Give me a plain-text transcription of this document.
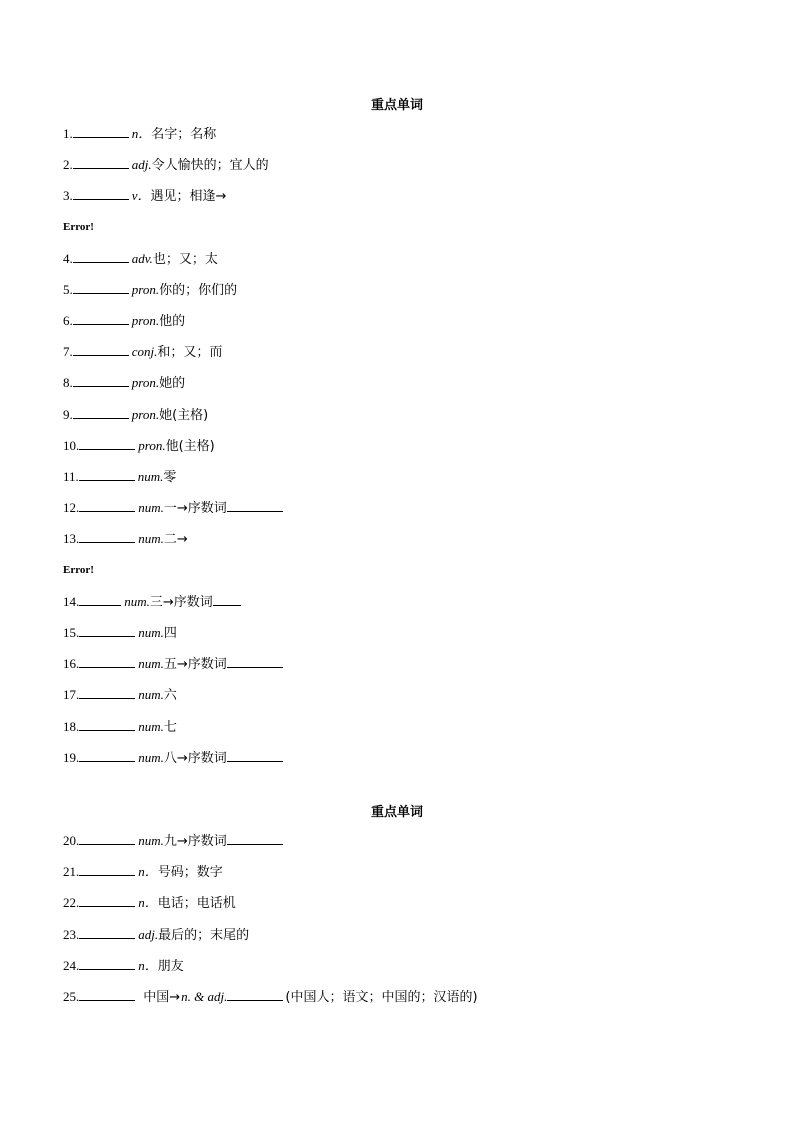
重点单词
1.	n．名字；名称
2.	adj.令人愉快的；宜人的
3.	v．遇见；相逢→
Error!
4.	adv.也；又；太
5.	pron.你的；你们的
6.	pron.他的
7.	conj.和；又；而
8.	pron.她的
9.	pron.她(主格)
10.	pron.他(主格)
11.	num.零
12.	num.一→序数词
13.	num.二→
Error!
14.	num.三→序数词
15.	num.四
16.	num.五→序数词
17.	num.六
18.	num.七
19.	num.八→序数词
重点单词
20.	num.九→序数词
21.	n．号码；数字
22.	n．电话；电话机
23.	adj.最后的；末尾的
24.	n．朋友
25.	中国→n. & adj.	(中国人；语文；中国的；汉语的)
